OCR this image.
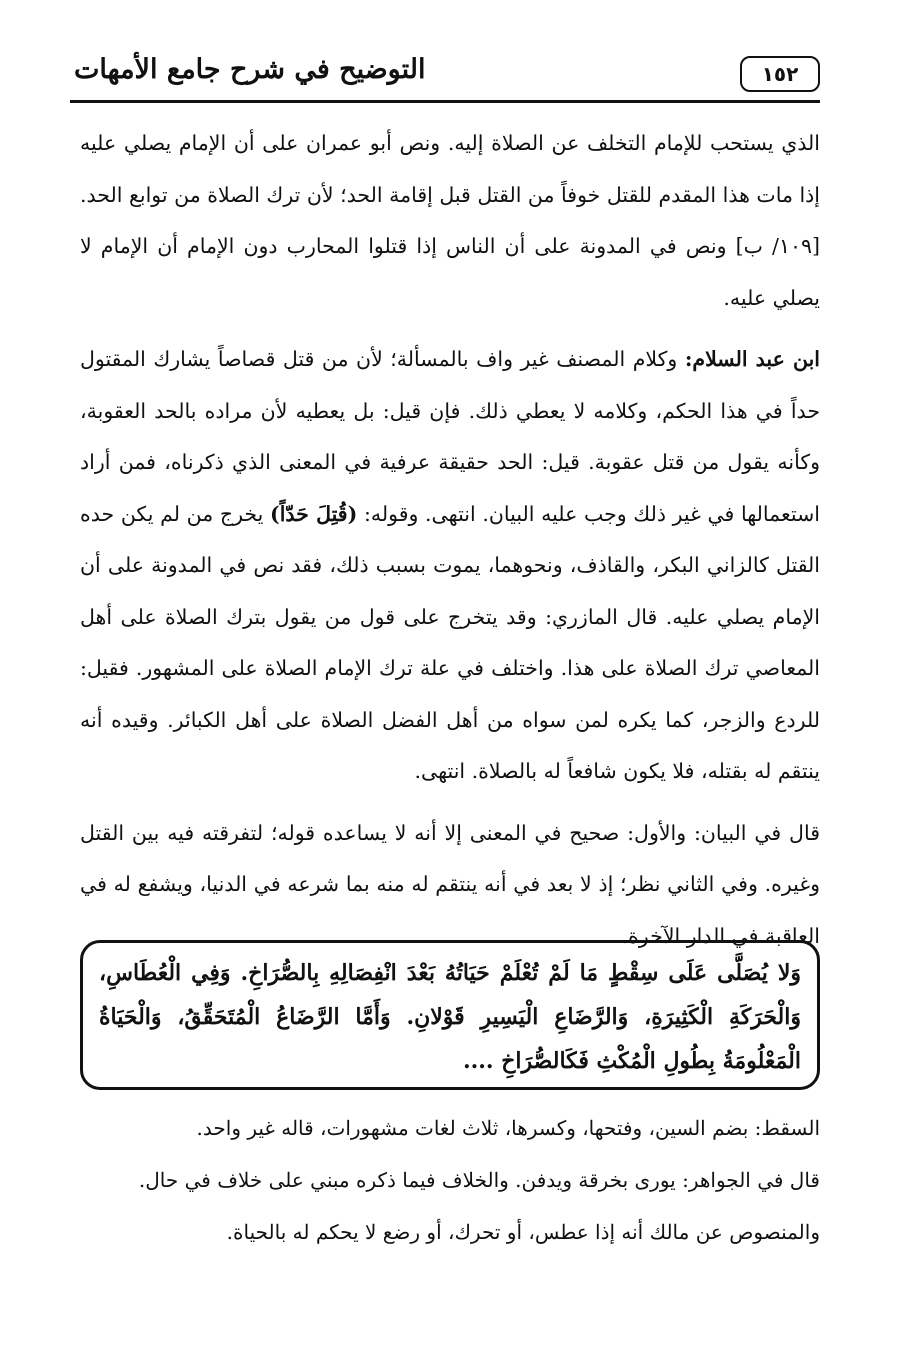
١٥٢
التوضيح في شرح جامع الأمهات

الذي يستحب للإمام التخلف عن الصلاة إليه. ونص أبو عمران على أن الإمام يصلي عليه إذا مات هذا المقدم للقتل خوفاً من القتل قبل إقامة الحد؛ لأن ترك الصلاة من توابع الحد. [١٠٩/ ب] ونص في المدونة على أن الناس إذا قتلوا المحارب دون الإمام أن الإمام لا يصلي عليه.

ابن عبد السلام: وكلام المصنف غير واف بالمسألة؛ لأن من قتل قصاصاً يشارك المقتول حداً في هذا الحكم، وكلامه لا يعطي ذلك. فإن قيل: بل يعطيه لأن مراده بالحد العقوبة، وكأنه يقول من قتل عقوبة. قيل: الحد حقيقة عرفية في المعنى الذي ذكرناه، فمن أراد استعمالها في غير ذلك وجب عليه البيان. انتهى. وقوله: (قُتِلَ حَدّاً) يخرج من لم يكن حده القتل كالزاني البكر، والقاذف، ونحوهما، يموت بسبب ذلك، فقد نص في المدونة على أن الإمام يصلي عليه. قال المازري: وقد يتخرج على قول من يقول بترك الصلاة على أهل المعاصي ترك الصلاة على هذا. واختلف في علة ترك الإمام الصلاة على المشهور. فقيل: للردع والزجر، كما يكره لمن سواه من أهل الفضل الصلاة على أهل الكبائر. وقيده أنه ينتقم له بقتله، فلا يكون شافعاً له بالصلاة. انتهى.

قال في البيان: والأول: صحيح في المعنى إلا أنه لا يساعده قوله؛ لتفرقته فيه بين القتل وغيره. وفي الثاني نظر؛ إذ لا بعد في أنه ينتقم له منه بما شرعه في الدنيا، ويشفع له في العاقبة في الدار الآخرة.

وَلا يُصَلَّى عَلَى سِقْطٍ مَا لَمْ تُعْلَمْ حَيَاتُهُ بَعْدَ انْفِصَالِهِ بِالصُّرَاخِ. وَفِي الْعُطَاسِ، وَالْحَرَكَةِ الْكَثِيرَةِ، وَالرَّضَاعِ الْيَسِيرِ قَوْلانِ. وَأَمَّا الرَّضَاعُ الْمُتَحَقِّقُ، وَالْحَيَاةُ الْمَعْلُومَةُ بِطُولِ الْمُكْثِ فَكَالصُّرَاخِ ....

السقط: بضم السين، وفتحها، وكسرها، ثلاث لغات مشهورات، قاله غير واحد.

قال في الجواهر: يورى بخرقة ويدفن. والخلاف فيما ذكره مبني على خلاف في حال.

والمنصوص عن مالك أنه إذا عطس، أو تحرك، أو رضع لا يحكم له بالحياة.
